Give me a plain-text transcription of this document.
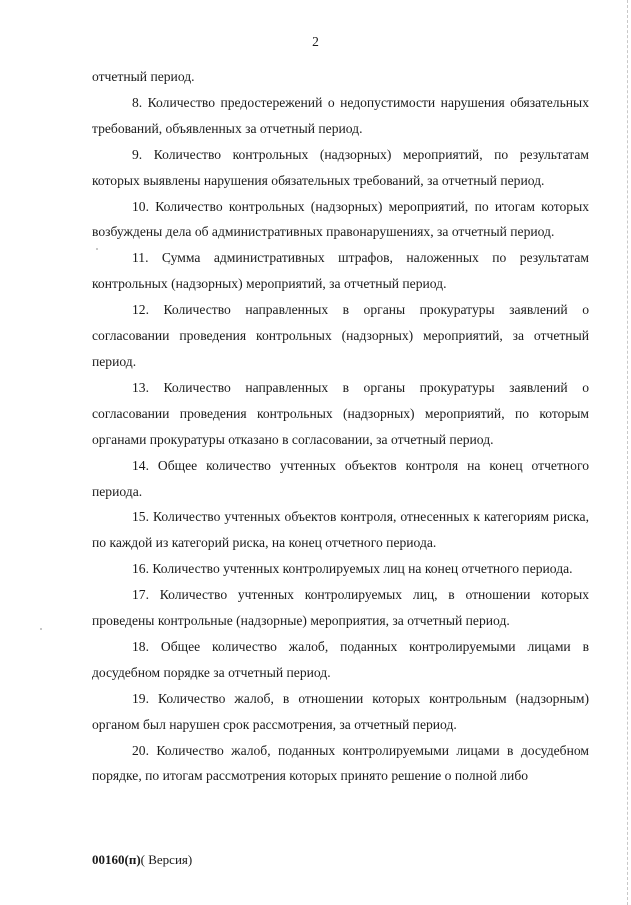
2

отчетный период.

8. Количество предостережений о недопустимости нарушения обязательных требований, объявленных за отчетный период.

9. Количество контрольных (надзорных) мероприятий, по результатам которых выявлены нарушения обязательных требований, за отчетный период.

10. Количество контрольных (надзорных) мероприятий, по итогам которых возбуждены дела об административных правонарушениях, за отчетный период.

11. Сумма административных штрафов, наложенных по результатам контрольных (надзорных) мероприятий, за отчетный период.

12. Количество направленных в органы прокуратуры заявлений о согласовании проведения контрольных (надзорных) мероприятий, за отчетный период.

13. Количество направленных в органы прокуратуры заявлений о согласовании проведения контрольных (надзорных) мероприятий, по которым органами прокуратуры отказано в согласовании, за отчетный период.

14. Общее количество учтенных объектов контроля на конец отчетного периода.

15. Количество учтенных объектов контроля, отнесенных к категориям риска, по каждой из категорий риска, на конец отчетного периода.

16. Количество учтенных контролируемых лиц на конец отчетного периода.

17. Количество учтенных контролируемых лиц, в отношении которых проведены контрольные (надзорные) мероприятия, за отчетный период.

18. Общее количество жалоб, поданных контролируемыми лицами в досудебном порядке за отчетный период.

19. Количество жалоб, в отношении которых контрольным (надзорным) органом был нарушен срок рассмотрения, за отчетный период.

20. Количество жалоб, поданных контролируемыми лицами в досудебном порядке, по итогам рассмотрения которых принято решение о полной либо

00160(п)( Версия)
